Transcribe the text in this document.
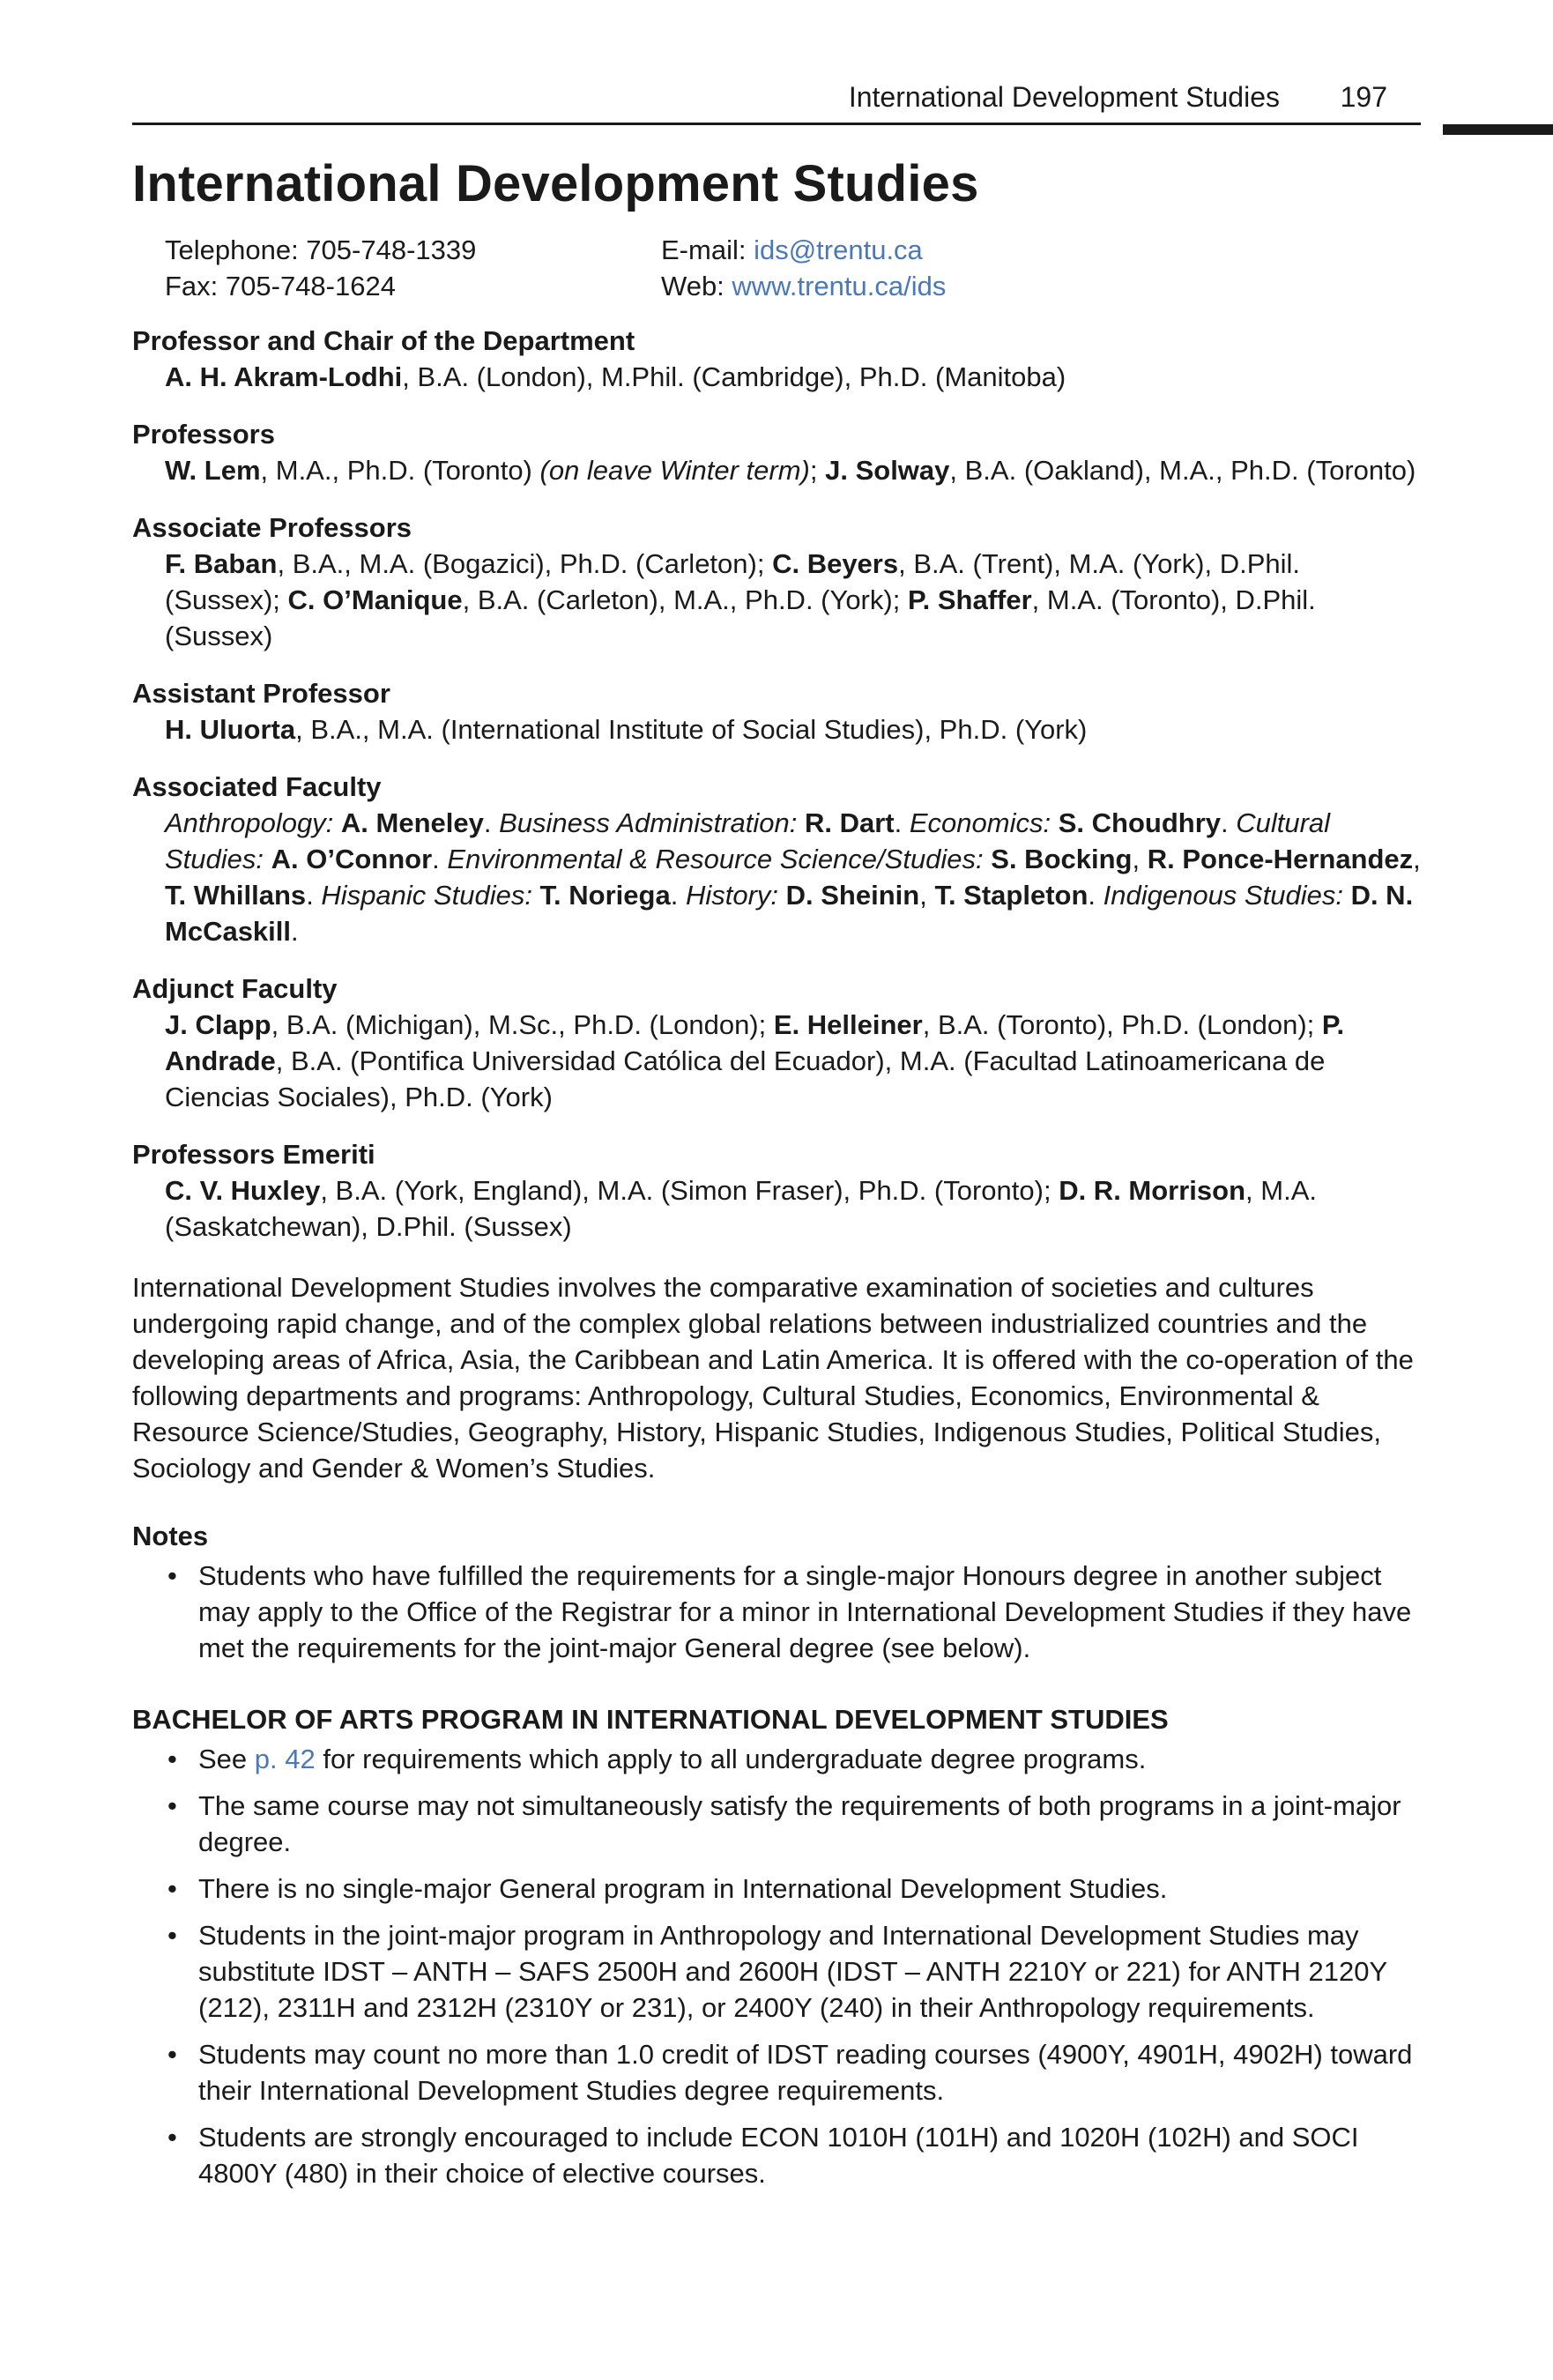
International Development Studies 197
International Development Studies
Telephone: 705-748-1339
Fax: 705-748-1624
E-mail: ids@trentu.ca
Web: www.trentu.ca/ids

Professor and Chair of the Department

A. H. Akram-Lodhi, B.A. (London), M.Phil. (Cambridge), Ph.D. (Manitoba)

Professors

W. Lem, M.A., Ph.D. (Toronto) (on leave Winter term); J. Solway, B.A. (Oakland), M.A., Ph.D. (Toronto)

Associate Professors

F. Baban, B.A., M.A. (Bogazici), Ph.D. (Carleton); C. Beyers, B.A. (Trent), M.A. (York), D.Phil. (Sussex); C. O’Manique, B.A. (Carleton), M.A., Ph.D. (York); P. Shaffer, M.A. (Toronto), D.Phil. (Sussex)

Assistant Professor

H. Uluorta, B.A., M.A. (International Institute of Social Studies), Ph.D. (York)

Associated Faculty

Anthropology: A. Meneley. Business Administration: R. Dart. Economics: S. Choudhry. Cultural Studies: A. O’Connor. Environmental & Resource Science/Studies: S. Bocking, R. Ponce-Hernandez, T. Whillans. Hispanic Studies: T. Noriega. History: D. Sheinin, T. Stapleton. Indigenous Studies: D. N. McCaskill.

Adjunct Faculty

J. Clapp, B.A. (Michigan), M.Sc., Ph.D. (London); E. Helleiner, B.A. (Toronto), Ph.D. (London); P. Andrade, B.A. (Pontifica Universidad Católica del Ecuador), M.A. (Facultad Latinoamericana de Ciencias Sociales), Ph.D. (York)

Professors Emeriti

C. V. Huxley, B.A. (York, England), M.A. (Simon Fraser), Ph.D. (Toronto); D. R. Morrison, M.A. (Saskatchewan), D.Phil. (Sussex)

International Development Studies involves the comparative examination of societies and cultures undergoing rapid change, and of the complex global relations between industrialized countries and the developing areas of Africa, Asia, the Caribbean and Latin America. It is offered with the co-operation of the following departments and programs: Anthropology, Cultural Studies, Economics, Environmental & Resource Science/Studies, Geography, History, Hispanic Studies, Indigenous Studies, Political Studies, Sociology and Gender & Women’s Studies.

Notes

• Students who have fulfilled the requirements for a single-major Honours degree in another subject may apply to the Office of the Registrar for a minor in International Development Studies if they have met the requirements for the joint-major General degree (see below).

BACHELOR OF ARTS PROGRAM IN INTERNATIONAL DEVELOPMENT STUDIES

• See p. 42 for requirements which apply to all undergraduate degree programs.
• The same course may not simultaneously satisfy the requirements of both programs in a joint-major degree.
• There is no single-major General program in International Development Studies.
• Students in the joint-major program in Anthropology and International Development Studies may substitute IDST – ANTH – SAFS 2500H and 2600H (IDST – ANTH 2210Y or 221) for ANTH 2120Y (212), 2311H and 2312H (2310Y or 231), or 2400Y (240) in their Anthropology requirements.
• Students may count no more than 1.0 credit of IDST reading courses (4900Y, 4901H, 4902H) toward their International Development Studies degree requirements.
• Students are strongly encouraged to include ECON 1010H (101H) and 1020H (102H) and SOCI 4800Y (480) in their choice of elective courses.
